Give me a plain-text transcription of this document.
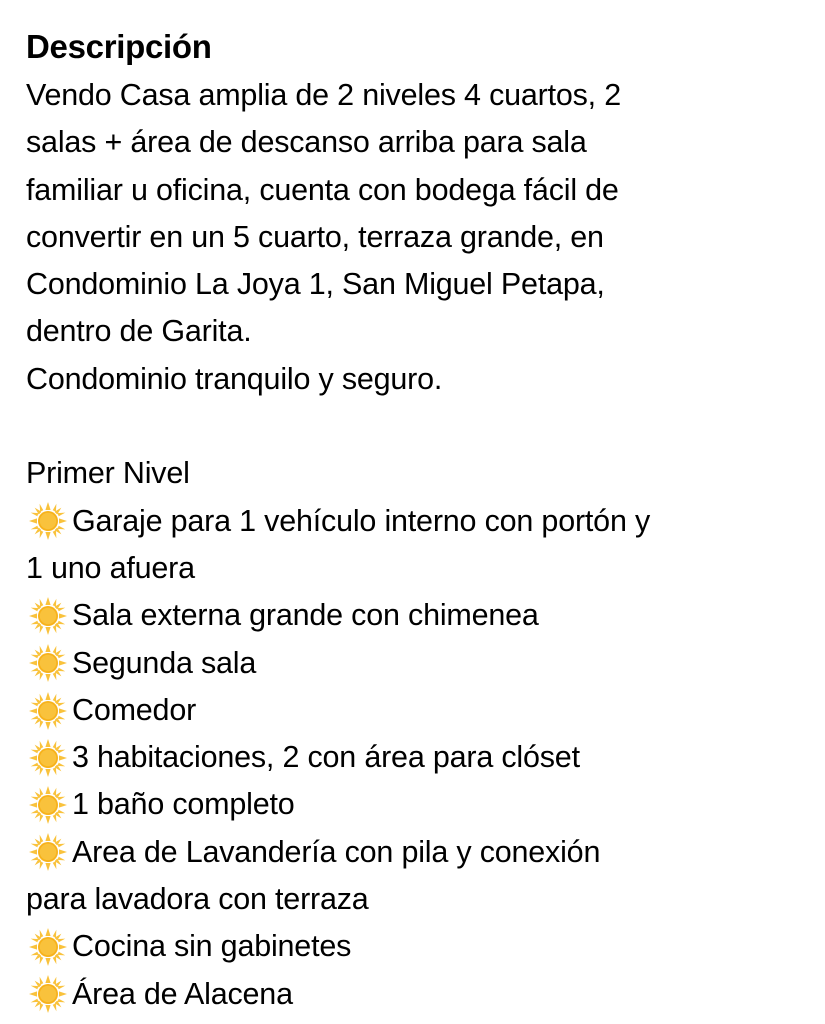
Descripción

Vendo Casa amplia de 2 niveles 4 cuartos, 2

salas + área de descanso arriba para sala

familiar u oficina, cuenta con bodega fácil de

convertir en un 5 cuarto, terraza grande, en

Condominio La Joya 1, San Miguel Petapa,

dentro de Garita.

Condominio tranquilo y seguro.

Primer Nivel

Garaje para 1 vehículo interno con portón y

1 uno afuera

Sala externa grande con chimenea
Segunda sala
Comedor
3 habitaciones, 2 con área para clóset
1 baño completo
Area de Lavandería con pila y conexión

para lavadora con terraza

Cocina sin gabinetes
Área de Alacena
